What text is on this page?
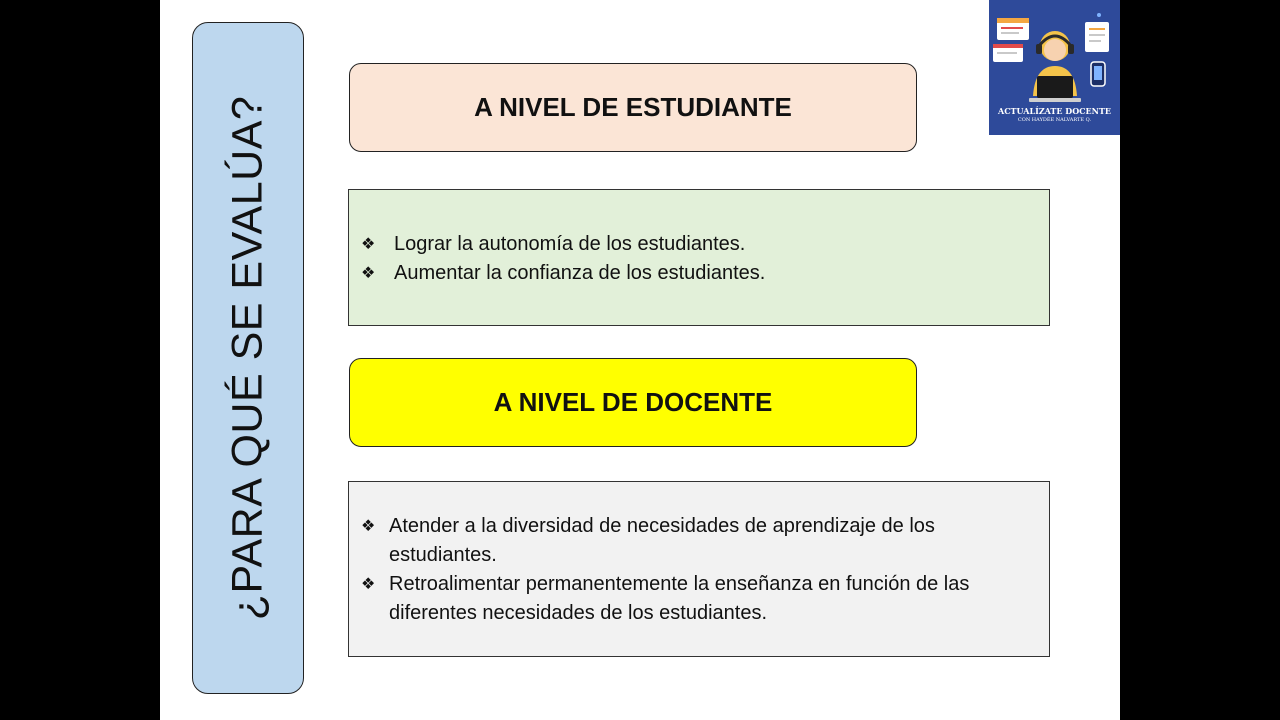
¿PARA QUÉ SE EVALÚA?	A NIVEL DE ESTUDIANTE
❖ Lograr la autonomía de los estudiantes.
❖ Aumentar la confianza de los estudiantes.
A NIVEL DE DOCENTE
❖ Atender a la diversidad de necesidades de aprendizaje de los estudiantes.
❖ Retroalimentar permanentemente la enseñanza en función de las diferentes necesidades de los estudiantes.
ACTUALÍZATE DOCENTE
CON HAYDÉE NALVARTE Q.
